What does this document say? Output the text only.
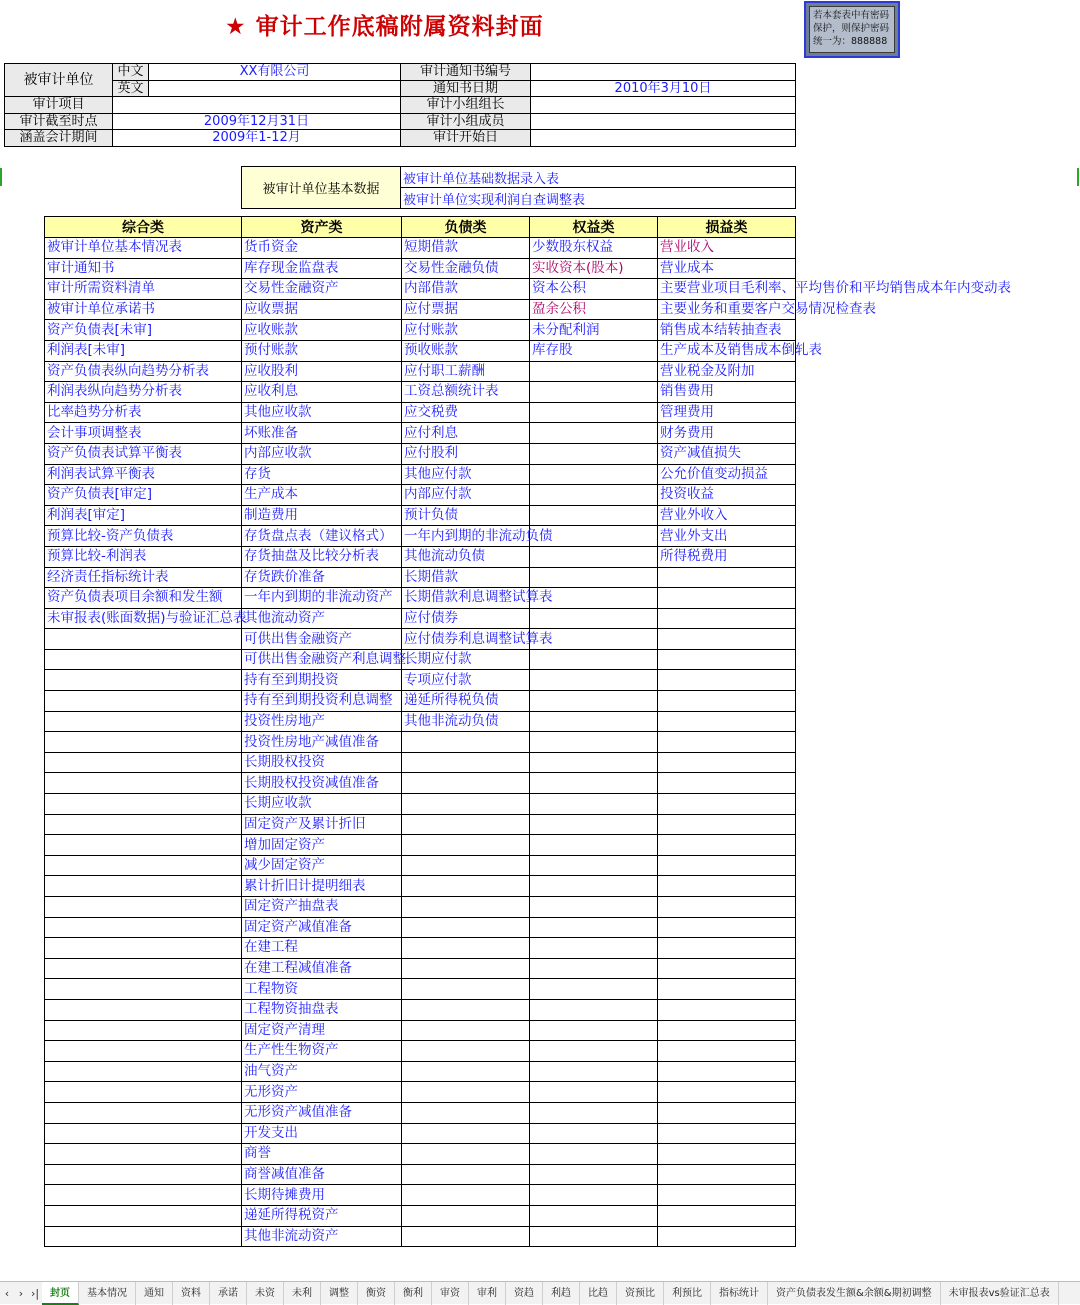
★ 审计工作底稿附属资料封面	若本套表中有密码
保护，则保护密码
统一为：888888
被审计单位	中文	XX有限公司	审计通知书编号	
	英文		通知书日期	2010年3月10日
审计项目			审计小组组长	
审计截至时点	2009年12月31日		审计小组成员	
涵盖会计期间	2009年1-12月		审计开始日	
被审计单位基本数据	被审计单位基础数据录入表
被审计单位实现利润自查调整表
综合类	资产类	负债类	权益类	损益类
被审计单位基本情况表	货币资金	短期借款	少数股东权益	营业收入
审计通知书	库存现金监盘表	交易性金融负债	实收资本(股本)	营业成本
审计所需资料清单	交易性金融资产	内部借款	资本公积	主要营业项目毛利率、平均售价和平均销售成本年内变动表
被审计单位承诺书	应收票据	应付票据	盈余公积	主要业务和重要客户交易情况检查表
资产负债表[未审]	应收账款	应付账款	未分配利润	销售成本结转抽查表
利润表[未审]	预付账款	预收账款	库存股	生产成本及销售成本倒轧表
资产负债表纵向趋势分析表	应收股利	应付职工薪酬		营业税金及附加
利润表纵向趋势分析表	应收利息	工资总额统计表		销售费用
比率趋势分析表	其他应收款	应交税费		管理费用
会计事项调整表	坏账准备	应付利息		财务费用
资产负债表试算平衡表	内部应收款	应付股利		资产减值损失
利润表试算平衡表	存货	其他应付款		公允价值变动损益
资产负债表[审定]	生产成本	内部应付款		投资收益
利润表[审定]	制造费用	预计负债		营业外收入
预算比较-资产负债表	存货盘点表（建议格式）	一年内到期的非流动负债		营业外支出
预算比较-利润表	存货抽盘及比较分析表	其他流动负债		所得税费用
经济责任指标统计表	存货跌价准备	长期借款		
资产负债表项目余额和发生额	一年内到期的非流动资产	长期借款利息调整试算表		
未审报表(账面数据)与验证汇总表	其他流动资产	应付债券		
	可供出售金融资产	应付债券利息调整试算表		
	可供出售金融资产利息调整	长期应付款		
	持有至到期投资	专项应付款		
	持有至到期投资利息调整	递延所得税负债		
	投资性房地产	其他非流动负债		
	投资性房地产减值准备			
	长期股权投资			
	长期股权投资减值准备			
	长期应收款			
	固定资产及累计折旧			
	增加固定资产			
	减少固定资产			
	累计折旧计提明细表			
	固定资产抽盘表			
	固定资产减值准备			
	在建工程			
	在建工程减值准备			
	工程物资			
	工程物资抽盘表			
	固定资产清理			
	生产性生物资产			
	油气资产			
	无形资产			
	无形资产减值准备			
	开发支出			
	商誉			
	商誉减值准备			
	长期待摊费用			
	递延所得税资产			
	其他非流动资产			
‹ › ›|	封页	基本情况	通知	资料	承诺	未资	未利	调整	衡资	衡利	审资	审利	资趋	利趋	比趋	资预比	利预比	指标统计	资产负债表发生额&余额&期初调整	未审报表vs验证汇总表
